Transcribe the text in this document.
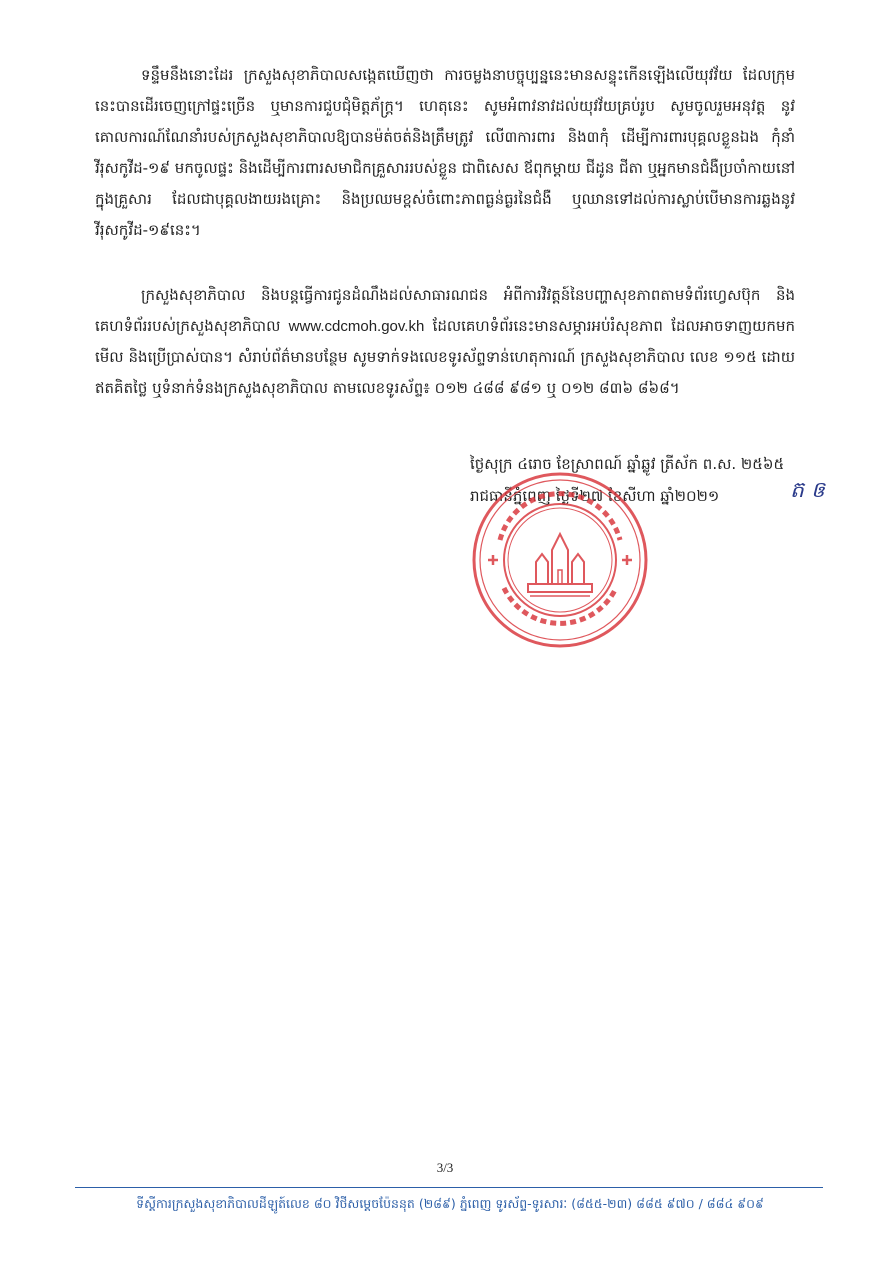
ទន្ទឹមនឹងនោះដែរ ក្រសួងសុខាភិបាលសង្កេតឃើញថា ការចម្លងនាបច្ចុប្បន្ននេះមានសន្ទុះកើនឡើងលើយុវវ័យ ដែលក្រុមនេះបានដើរចេញក្រៅផ្ទះច្រើន ឬមានការជួបជុំមិត្តភ័ក្ត្រ។ ហេតុនេះ សូមអំពាវនាវដល់យុវវ័យគ្រប់រូប សូមចូលរួមអនុវត្ត នូវគោលការណ៍ណែនាំរបស់ក្រសួងសុខាភិបាលឱ្យបានម៉ត់ចត់និងត្រឹមត្រូវ លើ៣ការពារ និង៣កុំ ដើម្បីការពារបុគ្គលខ្លួនឯង កុំនាំវីរុសកូវីដ-១៩ មកចូលផ្ទះ និងដើម្បីការពារសមាជិកគ្រួសាររបស់ខ្លួន ជាពិសេស ឪពុកម្តាយ ជីដូន ជីតា ឬអ្នកមានជំងឺប្រចាំកាយនៅក្នុងគ្រួសារ ដែលជាបុគ្គលងាយរងគ្រោះ និងប្រឈមខ្ពស់ចំពោះភាពធ្ងន់ធ្ងរនៃជំងឺ ឬឈានទៅដល់ការស្លាប់បើមានការឆ្លងនូវ វីរុសកូវីដ-១៩នេះ។

ក្រសួងសុខាភិបាល និងបន្តធ្វើការជូនដំណឹងដល់សាធារណជន អំពីការវិវត្តន៍នៃបញ្ហាសុខភាពតាមទំព័រហ្វេសប៊ុក និងគេហទំព័ររបស់ក្រសួងសុខាភិបាល www.cdcmoh.gov.kh ដែលគេហទំព័រនេះមានសម្ភារអប់រំសុខភាព ដែលអាចទាញយកមកមើល និងប្រើប្រាស់បាន។ សំរាប់ព័ត៌មានបន្ថែម សូមទាក់ទងលេខទូរស័ព្ទទាន់ហេតុការណ៍ ក្រសួងសុខាភិបាល លេខ ១១៥ ដោយឥតគិតថ្លៃ ឬទំនាក់ទំនងក្រសួងសុខាភិបាល តាមលេខទូរស័ព្ទ៖ ០១២ ៤៨៨ ៩៨១ ឬ ០១២ ៨៣៦ ៨៦៨។

ថ្ងៃសុក្រ ៤រោច ខែស្រាពណ៍ ឆ្នាំឆ្លូវ ត្រីស័ក ព.ស. ២៥៦៥
រាជធានីភ្នំពេញ ថ្ងៃទី២៧ ខែសីហា ឆ្នាំ២០២១	ត ឲ
3/3
ទីស្តីការក្រសួងសុខាភិបាលដីឡូត៍លេខ ៨០ វិថីសម្តេចប៉ែននុត (២៨៩) ភ្នំពេញ ទូរស័ព្ទ-ទូរសារៈ (៨៥៥-២៣) ៨៨៥ ៩៧០ / ៨៨៤ ៩០៩
